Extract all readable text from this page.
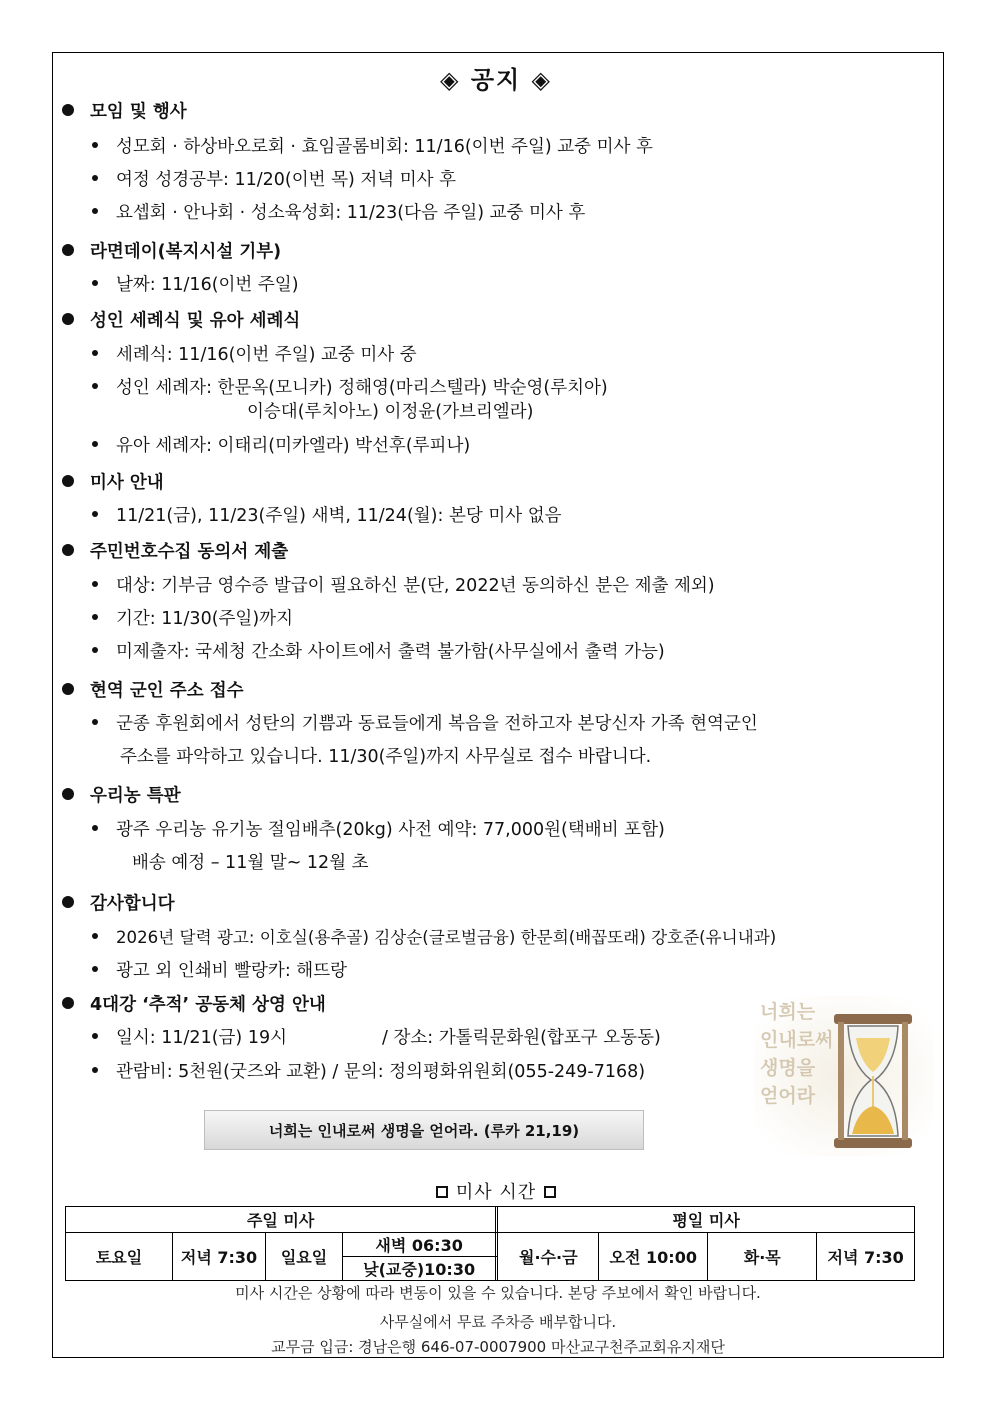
◈ 공지 ◈
모임 및 행사
성모회 · 하상바오로회 · 효임골롬비회: 11/16(이번 주일) 교중 미사 후
여정 성경공부: 11/20(이번 목) 저녁 미사 후
요셉회 · 안나회 · 성소육성회: 11/23(다음 주일) 교중 미사 후
라면데이(복지시설 기부)
날짜: 11/16(이번 주일)
성인 세례식 및 유아 세례식
세례식: 11/16(이번 주일) 교중 미사 중
성인 세례자: 한문옥(모니카) 정해영(마리스텔라) 박순영(루치아)
이승대(루치아노) 이정윤(가브리엘라)
유아 세례자: 이태리(미카엘라) 박선후(루피나)
미사 안내
11/21(금), 11/23(주일) 새벽, 11/24(월): 본당 미사 없음
주민번호수집 동의서 제출
대상: 기부금 영수증 발급이 필요하신 분(단, 2022년 동의하신 분은 제출 제외)
기간: 11/30(주일)까지
미제출자: 국세청 간소화 사이트에서 출력 불가함(사무실에서 출력 가능)
현역 군인 주소 접수
군종 후원회에서 성탄의 기쁨과 동료들에게 복음을 전하고자 본당신자 가족 현역군인
주소를 파악하고 있습니다. 11/30(주일)까지 사무실로 접수 바랍니다.
우리농 특판
광주 우리농 유기농 절임배추(20kg) 사전 예약: 77,000원(택배비 포함)
배송 예정 – 11월 말~ 12월 초
감사합니다
2026년 달력 광고: 이호실(용추골) 김상순(글로벌금융) 한문희(배꼽또래) 강호준(유니내과)
광고 외 인쇄비 빨랑카: 해뜨랑
4대강 ‘추적’ 공동체 상영 안내
일시: 11/21(금) 19시	/ 장소: 가톨릭문화원(합포구 오동동)
관람비: 5천원(굿즈와 교환) / 문의: 정의평화위원회(055-249-7168)
너희는
인내로써
생명을
얻어라
너희는 인내로써 생명을 얻어라. (루카 21,19)
미사 시간
주일 미사				평일 미사			
토요일	저녁 7:30	일요일	새벽 06:30	월·수·금	오전 10:00	화·목	저녁 7:30
			낮(교중)10:30				
미사 시간은 상황에 따라 변동이 있을 수 있습니다. 본당 주보에서 확인 바랍니다.
사무실에서 무료 주차증 배부합니다.
교무금 입금: 경남은행 646-07-0007900 마산교구천주교회유지재단
